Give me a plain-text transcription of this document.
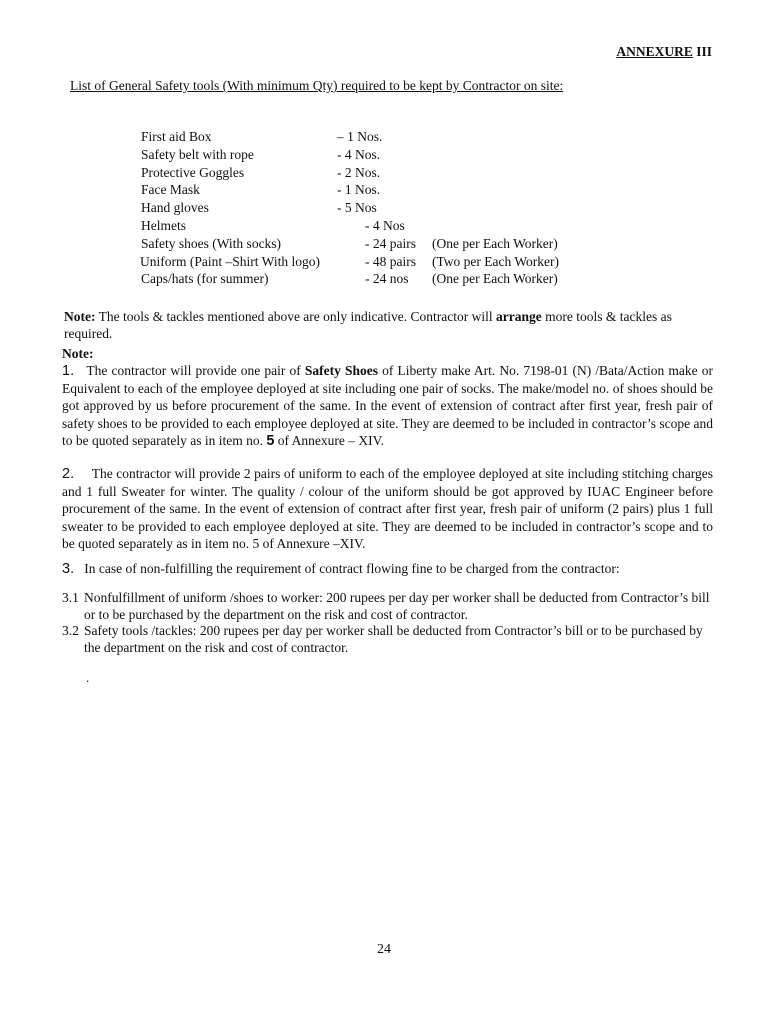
ANNEXURE III
List of General Safety tools (With minimum Qty) required to be kept by Contractor on site:
First aid Box	– 1 Nos.
Safety belt with rope	- 4 Nos.
Protective Goggles	- 2 Nos.
Face Mask	- 1 Nos.
Hand gloves	- 5 Nos
Helmets	- 4 Nos
Safety shoes (With socks)	- 24 pairs (One per Each Worker)
Uniform (Paint –Shirt With logo)	- 48 pairs (Two per Each Worker)
Caps/hats (for summer)	- 24 nos (One per Each Worker)
Note: The tools & tackles mentioned above are only indicative. Contractor will arrange more tools & tackles as required.
Note:
1. The contractor will provide one pair of Safety Shoes of Liberty make Art. No. 7198-01 (N) /Bata/Action make or Equivalent to each of the employee deployed at site including one pair of socks. The make/model no. of shoes should be got approved by us before procurement of the same. In the event of extension of contract after first year, fresh pair of safety shoes to be provided to each employee deployed at site. They are deemed to be included in contractor’s scope and to be quoted separately as in item no. 5 of Annexure – XIV.
2. The contractor will provide 2 pairs of uniform to each of the employee deployed at site including stitching charges and 1 full Sweater for winter. The quality / colour of the uniform should be got approved by IUAC Engineer before procurement of the same. In the event of extension of contract after first year, fresh pair of uniform (2 pairs) plus 1 full sweater to be provided to each employee deployed at site. They are deemed to be included in contractor’s scope and to be quoted separately as in item no. 5 of Annexure –XIV.
3. In case of non-fulfilling the requirement of contract flowing fine to be charged from the contractor:
3.1 Nonfulfillment of uniform /shoes to worker: 200 rupees per day per worker shall be deducted from Contractor’s bill or to be purchased by the department on the risk and cost of contractor.
3.2 Safety tools /tackles: 200 rupees per day per worker shall be deducted from Contractor’s bill or to be purchased by the department on the risk and cost of contractor.
.
24
